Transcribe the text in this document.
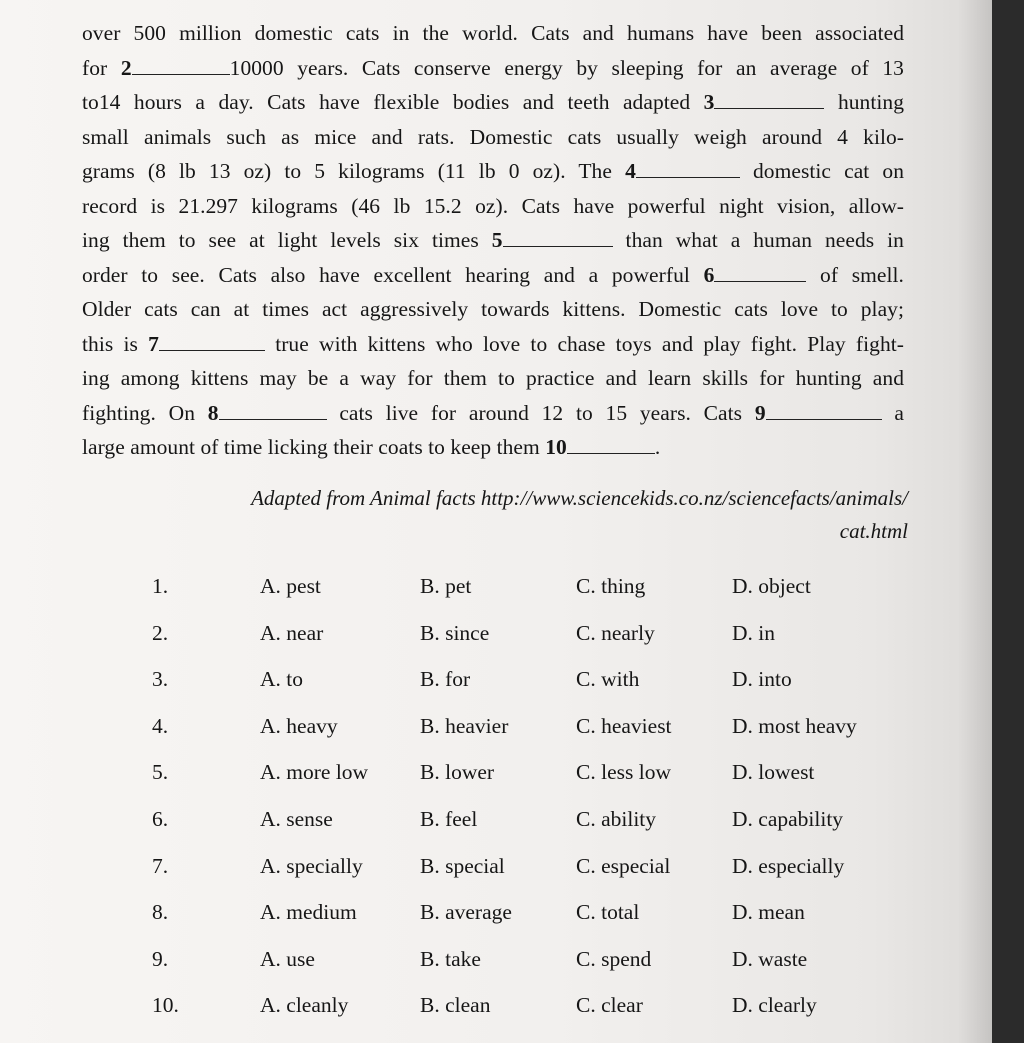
over 500 million domestic cats in the world. Cats and humans have been associated
for 2	10000 years. Cats conserve energy by sleeping for an average of 13
to14 hours a day. Cats have flexible bodies and teeth adapted 3	hunting
small animals such as mice and rats. Domestic cats usually weigh around 4 kilo-
grams (8 lb 13 oz) to 5 kilograms (11 lb 0 oz). The 4	domestic cat on
record is 21.297 kilograms (46 lb 15.2 oz). Cats have powerful night vision, allow-
ing them to see at light levels six times 5	than what a human needs in
order to see. Cats also have excellent hearing and a powerful 6	of smell.
Older cats can at times act aggressively towards kittens. Domestic cats love to play;
this is 7	true with kittens who love to chase toys and play fight. Play fight-
ing among kittens may be a way for them to practice and learn skills for hunting and
fighting. On 8	cats live for around 12 to 15 years. Cats 9	a
large amount of time licking their coats to keep them 10	.
Adapted from Animal facts http://www.sciencekids.co.nz/sciencefacts/animals/
cat.html
1.	A. pest	B. pet	C. thing	D. object
2.	A. near	B. since	C. nearly	D. in
3.	A. to	B. for	C. with	D. into
4.	A. heavy	B. heavier	C. heaviest	D. most heavy
5.	A. more low B. lower	C. less low	D. lowest
6.	A. sense	B. feel	C. ability	D. capability
7.	A. specially	B. special	C. especial	D. especially
8.	A. medium	B. average	C. total	D. mean
9.	A. use	B. take	C. spend	D. waste
10.	A. cleanly	B. clean	C. clear	D. clearly
